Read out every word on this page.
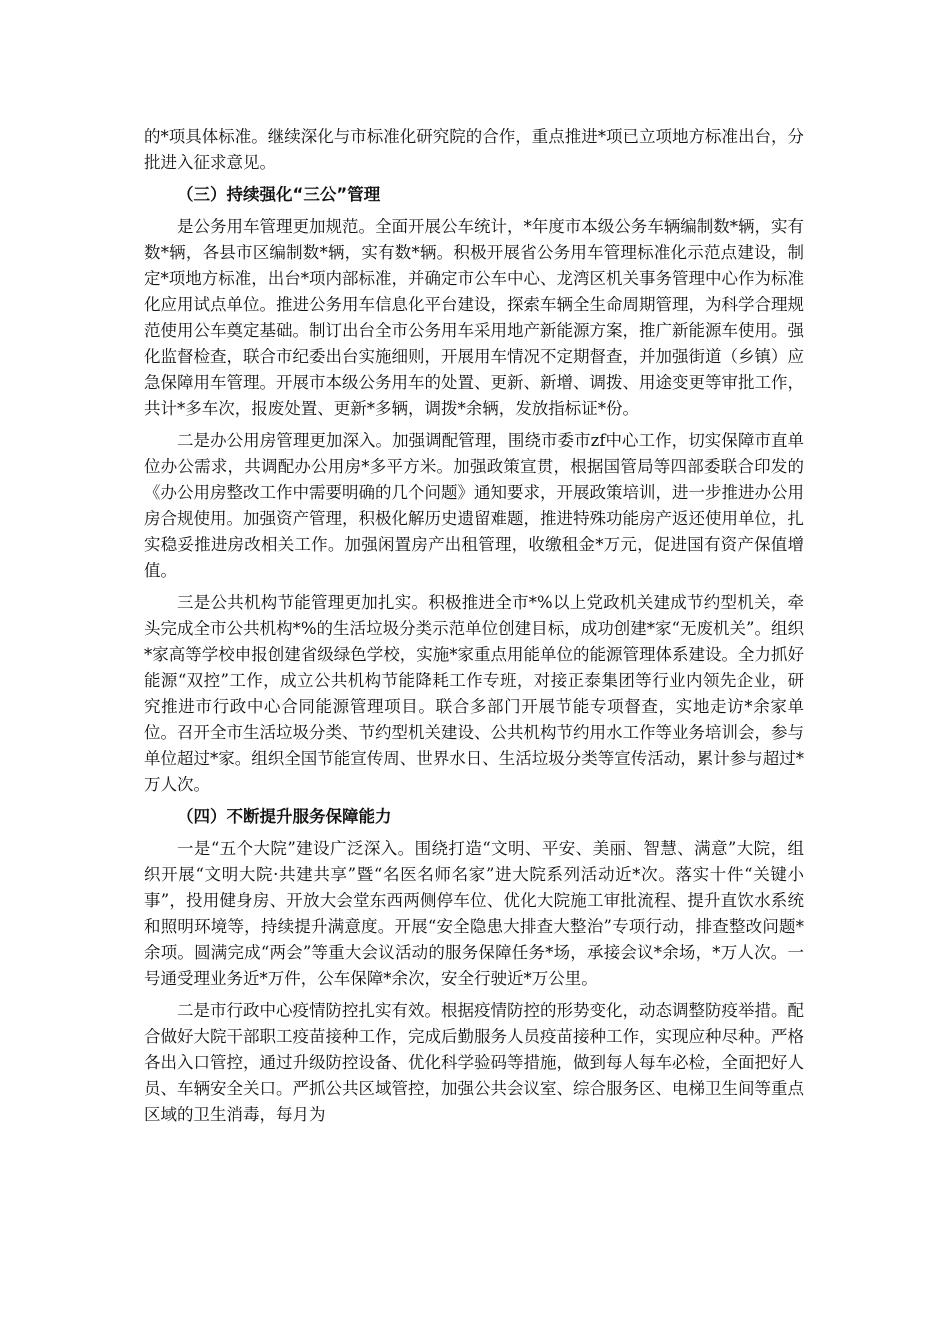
的*项具体标准。继续深化与市标准化研究院的合作，重点推进*项已立项地方标准出台，分批进入征求意见。

（三）持续强化“三公”管理

是公务用车管理更加规范。全面开展公车统计，*年度市本级公务车辆编制数*辆，实有数*辆，各县市区编制数*辆，实有数*辆。积极开展省公务用车管理标准化示范点建设，制定*项地方标准，出台*项内部标准，并确定市公车中心、龙湾区机关事务管理中心作为标准化应用试点单位。推进公务用车信息化平台建设，探索车辆全生命周期管理，为科学合理规范使用公车奠定基础。制订出台全市公务用车采用地产新能源方案，推广新能源车使用。强化监督检查，联合市纪委出台实施细则，开展用车情况不定期督查，并加强街道（乡镇）应急保障用车管理。开展市本级公务用车的处置、更新、新增、调拨、用途变更等审批工作，共计*多车次，报废处置、更新*多辆，调拨*余辆，发放指标证*份。

二是办公用房管理更加深入。加强调配管理，围绕市委市zf中心工作，切实保障市直单位办公需求，共调配办公用房*多平方米。加强政策宣贯，根据国管局等四部委联合印发的《办公用房整改工作中需要明确的几个问题》通知要求，开展政策培训，进一步推进办公用房合规使用。加强资产管理，积极化解历史遗留难题，推进特殊功能房产返还使用单位，扎实稳妥推进房改相关工作。加强闲置房产出租管理，收缴租金*万元，促进国有资产保值增值。

三是公共机构节能管理更加扎实。积极推进全市*%以上党政机关建成节约型机关，牵头完成全市公共机构*%的生活垃圾分类示范单位创建目标，成功创建*家“无废机关”。组织*家高等学校申报创建省级绿色学校，实施*家重点用能单位的能源管理体系建设。全力抓好能源“双控”工作，成立公共机构节能降耗工作专班，对接正泰集团等行业内领先企业，研究推进市行政中心合同能源管理项目。联合多部门开展节能专项督查，实地走访*余家单位。召开全市生活垃圾分类、节约型机关建设、公共机构节约用水工作等业务培训会，参与单位超过*家。组织全国节能宣传周、世界水日、生活垃圾分类等宣传活动，累计参与超过*万人次。

（四）不断提升服务保障能力

一是“五个大院”建设广泛深入。围绕打造“文明、平安、美丽、智慧、满意”大院，组织开展“文明大院·共建共享”暨“名医名师名家”进大院系列活动近*次。落实十件“关键小事”，投用健身房、开放大会堂东西两侧停车位、优化大院施工审批流程、提升直饮水系统和照明环境等，持续提升满意度。开展“安全隐患大排查大整治”专项行动，排查整改问题*余项。圆满完成“两会”等重大会议活动的服务保障任务*场，承接会议*余场，*万人次。一号通受理业务近*万件，公车保障*余次，安全行驶近*万公里。

二是市行政中心疫情防控扎实有效。根据疫情防控的形势变化，动态调整防疫举措。配合做好大院干部职工疫苗接种工作，完成后勤服务人员疫苗接种工作，实现应种尽种。严格各出入口管控，通过升级防控设备、优化科学验码等措施，做到每人每车必检，全面把好人员、车辆安全关口。严抓公共区域管控，加强公共会议室、综合服务区、电梯卫生间等重点区域的卫生消毒，每月为
